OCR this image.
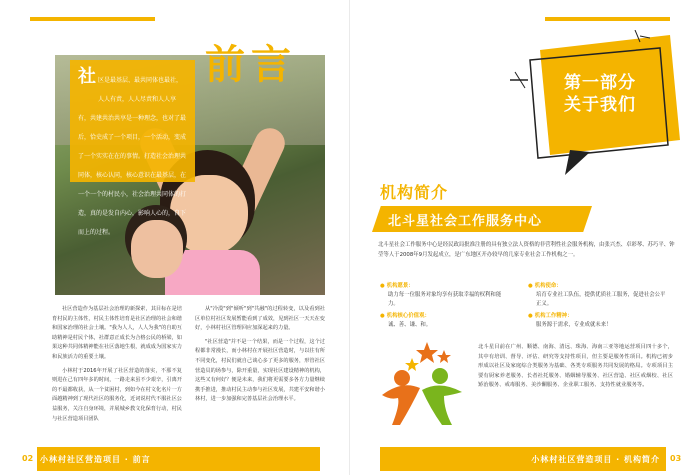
社 区是最基层、最共同体也最社，人人有责，人人尽责和人人享有，共建共治共享是一种理念，也对了最后，恰史成了一个项目，一个活动，变成了一个实实在在的事情。打造社会治理共同体，核心认同，核心意识在最基层，在一个一个的村民小，社会治理共同体的打造，真的是发自内心，影响人心的，自下而上的过程。
前言

社区营造作为基层社会治理的新探索，其目标在是培育村民的主体性，村民主体性培育是社区治理的社会和谐和国家治理的社会土壤。"我为人人，人人为我"的自助互助精神是村民个体，社群意正成长为合格公民的桥梁，如果这种共同体精神能在社区落地生根，就成成为国家实力和民族活力的重要土壤。

小林村于2016年开展了社区营造的落实，不那不复则进在己有四年多的时间，一路走来虽不少艰辛，引离开的不最都收获，从一个贫困村，到如今在村文化名片一方面越精神到了现代社区的服务化，近词说村代不服社区公益服务，关注自身环境，并展城乡教文化保育行动，村民与社区营造项目团队

从"冷漠"到"倾听"到"共融"的过程转变，以及看到社区单位村社区发展暂能看到了成效，见到社区一天天在变好，小林村社区管理回应加深起来的力量。

"社区营造"并不是一个结果，而是一个过程，这个过程都非常漫长，而小林村在开展社区营造时，与以往有所不同变化，村民们就自己谈心多了更多的服务，形管社区营造员的场参与，除开重量，实现社区建设精神的机构，这些又有何好？便是未来，我们将更需要多各方力量继续携手推进，推动村民主动参与社区发展，共建平安和谐小林村，进一步加强和完善基层社会治理水平。

小林村社区营造项目 · 前言
02
第一部分
关于我们
机构简介
北斗星社会工作服务中心
北斗星社会工作服务中心是经民政局批准注册的具有独立法人资格的非营利性社会服务机构，由张兴杰、卓彩琴、苏巧平、钟莹等人于2008年9月发起成立，是广东地区开办较早的几家专业社会工作机构之一。
● 机构愿景：
助力每一位服务对象均享有获取幸福的权利和能力。
● 机构核心价值观：
诚、善、谦、和。
● 机构使命：
培育专业社工队伍，提供优质社工服务，促进社会公平正义。
● 机构工作精神：
服务源于需求，专业成就未来！
北斗星目前在广州、顺德、南海、清远、珠海、海南三亚等地运营项目四十多个，其中有培训、督导、评估、研究等支持性项目，但主要是服务性项目。机构已初步形成以社区及家庭综合类服务为基础、各类专项服务共同发展的格局。专项项目主要有厨家养老服务、长者社托服务、婚姻辅导服务、社区营造、社区戒烟校、社区矫治服务、戒毒服务、美沙酮服务、企业职工服务、支持性就业服务等。
小林村社区营造项目 · 机构简介	03
